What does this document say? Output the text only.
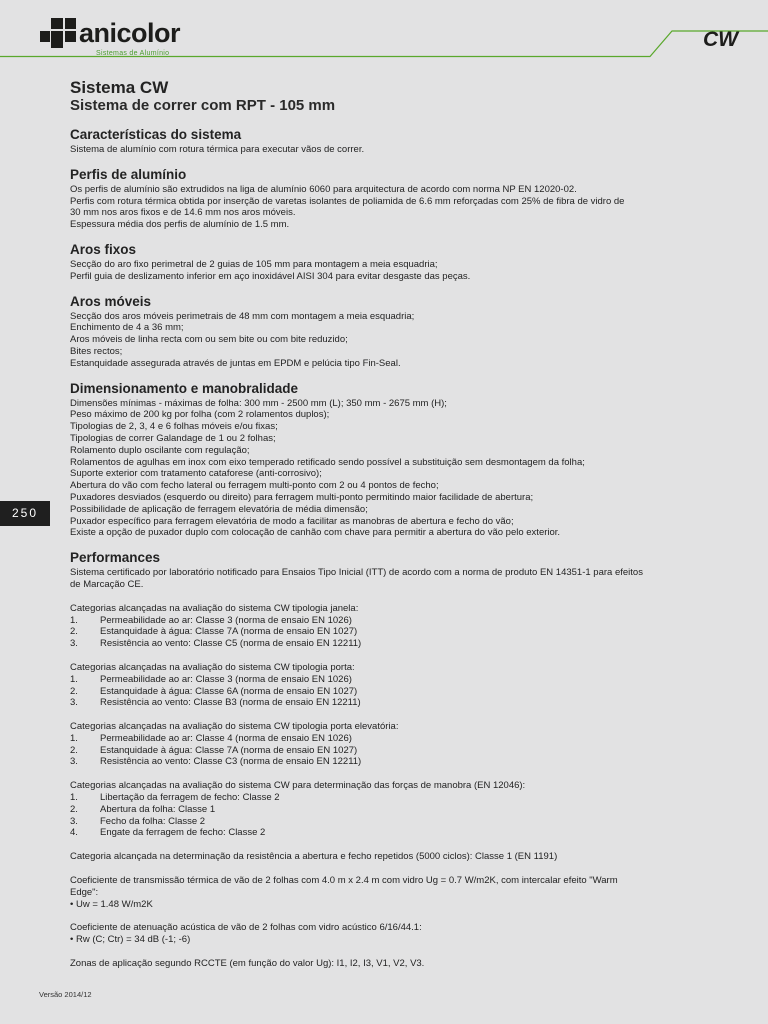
anicolor
Sistemas de Alumínio
CW
250
Sistema CW
Sistema de correr com RPT - 105 mm
Características do sistema

Sistema de alumínio com rotura térmica para executar vãos de correr.

Perfis de alumínio

Os perfis de alumínio são extrudidos na liga de alumínio 6060 para arquitectura de acordo com norma NP EN 12020-02.

Perfis com rotura térmica obtida por inserção de varetas isolantes de poliamida de 6.6 mm reforçadas com 25% de fibra de vidro de

30 mm nos aros fixos e de 14.6 mm nos aros móveis.

Espessura média dos perfis de alumínio de 1.5 mm.

Aros fixos

Secção do aro fixo perimetral de 2 guias de 105 mm para montagem a meia esquadria;

Perfil guia de deslizamento inferior em aço inoxidável AISI 304 para evitar desgaste das peças.

Aros móveis

Secção dos aros móveis perimetrais de 48 mm com montagem a meia esquadria;

Enchimento de 4 a 36 mm;

Aros móveis de linha recta com ou sem bite ou com bite reduzido;

Bites rectos;

Estanquidade assegurada através de juntas em EPDM e pelúcia tipo Fin-Seal.

Dimensionamento e manobralidade

Dimensões mínimas - máximas de folha: 300 mm - 2500 mm (L); 350 mm - 2675 mm (H);

Peso máximo de 200 kg por folha (com 2 rolamentos duplos);

Tipologias de 2, 3, 4 e 6 folhas móveis e/ou fixas;

Tipologias de correr Galandage de 1 ou 2 folhas;

Rolamento duplo oscilante com regulação;

Rolamentos de agulhas em inox com eixo temperado retificado sendo possível a substituição sem desmontagem da folha;

Suporte exterior com tratamento cataforese (anti-corrosivo);

Abertura do vão com fecho lateral ou ferragem multi-ponto com 2 ou 4 pontos de fecho;

Puxadores desviados (esquerdo ou direito) para ferragem multi-ponto permitindo maior facilidade de abertura;

Possibilidade de aplicação de ferragem elevatória de média dimensão;

Puxador específico para ferragem elevatória de modo a facilitar as manobras de abertura e fecho do vão;

Existe a opção de puxador duplo com colocação de canhão com chave para permitir a abertura do vão pelo exterior.

Performances

Sistema certificado por laboratório notificado para Ensaios Tipo Inicial (ITT) de acordo com a norma de produto EN 14351-1 para efeitos

de Marcação CE.

Categorias alcançadas na avaliação do sistema CW tipologia janela:

1.	Permeabilidade ao ar: Classe 3 (norma de ensaio EN 1026)
2.	Estanquidade à água: Classe 7A (norma de ensaio EN 1027)
3.	Resistência ao vento: Classe C5 (norma de ensaio EN 12211)

Categorias alcançadas na avaliação do sistema CW tipologia porta:

1.	Permeabilidade ao ar: Classe 3 (norma de ensaio EN 1026)
2.	Estanquidade à água: Classe 6A (norma de ensaio EN 1027)
3.	Resistência ao vento: Classe B3 (norma de ensaio EN 12211)

Categorias alcançadas na avaliação do sistema CW tipologia porta elevatória:

1.	Permeabilidade ao ar: Classe 4 (norma de ensaio EN 1026)
2.	Estanquidade à água: Classe 7A (norma de ensaio EN 1027)
3.	Resistência ao vento: Classe C3 (norma de ensaio EN 12211)

Categorias alcançadas na avaliação do sistema CW para determinação das forças de manobra (EN 12046):

1.	Libertação da ferragem de fecho: Classe 2
2.	Abertura da folha: Classe 1
3.	Fecho da folha: Classe 2
4.	Engate da ferragem de fecho: Classe 2

Categoria alcançada na determinação da resistência a abertura e fecho repetidos (5000 ciclos): Classe 1 (EN 1191)

Coeficiente de transmissão térmica de vão de 2 folhas com 4.0 m x 2.4 m com vidro Ug = 0.7 W/m2K, com intercalar efeito "Warm

Edge":

• Uw = 1.48 W/m2K

Coeficiente de atenuação acústica de vão de 2 folhas com vidro acústico 6/16/44.1:

• Rw (C; Ctr) = 34 dB (-1; -6)

Zonas de aplicação segundo RCCTE (em função do valor Ug): I1, I2, I3, V1, V2, V3.

Versão 2014/12
